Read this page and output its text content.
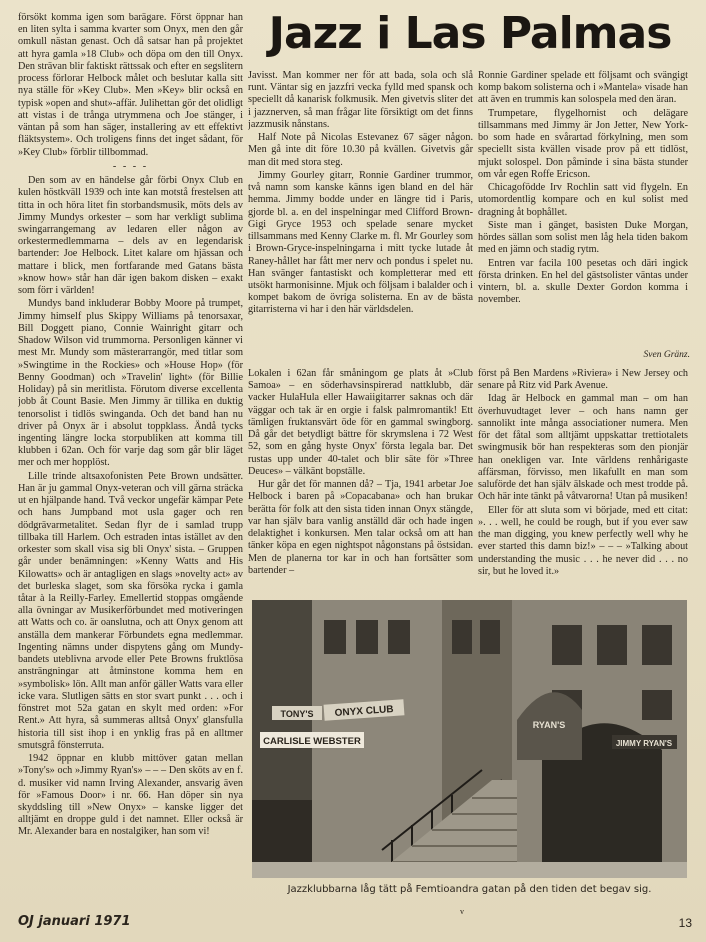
Jazz i Las Palmas

försökt komma igen som barägare. Först öppnar han en liten sylta i samma kvarter som Onyx, men den går omkull nästan genast. Och då satsar han på projektet att hyra gamla »18 Club» och döpa om den till Onyx. Den strävan blir faktiskt rättssak och efter en segslitern process förlorar Helbock målet och beslutar kalla sitt nya ställe för »Key Club». Men »Key» blir också en typisk »open and shut»-affär. Julihettan gör det olidligt att vistas i de trånga utrymmena och Joe stänger, i väntan på som han säger, installering av ett effektivt fläktsystem». Och troligens finns det inget sådant, för »Key Club» förblir tillbommad.

- - - -

Den som av en händelse går förbi Onyx Club en kulen höstkväll 1939 och inte kan motstå frestelsen att titta in och höra litet fin storbandsmusik, möts dels av Jimmy Mundys orkester – som har verkligt sublima swingarrangemang av ledaren eller någon av orkestermedlemmarna – dels av en legendarisk bartender: Joe Helbock. Litet kalare om hjässan och mattare i blick, men fortfarande med Gatans bästa »know how» står han där igen bakom disken – exakt som förr i världen!

Mundys band inkluderar Bobby Moore på trumpet, Jimmy himself plus Skippy Williams på tenorsaxar, Bill Doggett piano, Connie Wainright gitarr och Shadow Wilson vid trummorna. Personligen känner vi mest Mr. Mundy som mästerarrangör, med titlar som »Swingtime in the Rockies» och »House Hop» (för Benny Goodman) och »Travelin' light» (för Billie Holiday) på sin meritlista. Förutom diverse excellenta jobb åt Count Basie. Men Jimmy är tillika en duktig tenorsolist i tidlös swinganda. Och det band han nu driver på Onyx är i absolut toppklass. Ändå tycks ingenting längre locka storpubliken att komma till klubben i 62an. Och för varje dag som går blir läget mer och mer hopplöst.

Lille trinde altsaxofonisten Pete Brown undsätter. Han är ju gammal Onyx-veteran och vill gärna sträcka ut en hjälpande hand. Två veckor ungefär kämpar Pete och hans Jumpband mot usla gager och ren dödgrävarmetalitet. Sedan flyr de i samlad trupp tillbaka till Harlem. Och estraden intas istället av den orkester som skall visa sig bli Onyx' sista. – Gruppen går under benämningen: »Kenny Watts and His Kilowatts» och är antagligen en slags »novelty act» av det burleska slaget, som ska försöka rycka i gamla tåtar à la Reilly-Farley. Emellertid stoppas omgående alla övningar av Musikerförbundet med motiveringen att Watts och co. är oanslutna, och att Onyx genom att anställa dem mankerar Förbundets egna medlemmar. Ingenting nämns under dispytens gång om Mundy-bandets uteblivna arvode eller Pete Browns fruktlösa ansträngningar att åtminstone komma hem en »symbolisk» lön. Allt man anför gäller Watts vara eller icke vara. Slutligen sätts en stor svart punkt . . . och i fönstret mot 52a gatan en skylt med orden: »For Rent.» Att hyra, så summeras alltså Onyx' glansfulla historia till sist ihop i en ynklig fras på en alltmer smutsgrå fönsterruta.

1942 öppnar en klubb mittöver gatan mellan »Tony's» och »Jimmy Ryan's» – – – Den sköts av en f. d. musiker vid namn Irving Alexander, ansvarig även för »Famous Door» i nr. 66. Han döper sin nya skyddsling till »New Onyx» – kanske ligger det alltjämt en droppe guld i det namnet. Eller också är Mr. Alexander bara en nostalgiker, han som vi!

Javisst. Man kommer ner för att bada, sola och slå runt. Väntar sig en jazzfri vecka fylld med spansk och speciellt då kanarisk folkmusik. Men givetvis sliter det i jazznerven, så man frågar lite försiktigt om det finns jazzmusik nånstans.

Half Note på Nicolas Estevanez 67 säger någon. Men gå inte dit före 10.30 på kvällen. Givetvis går man dit med stora steg.

Jimmy Gourley gitarr, Ronnie Gardiner trummor, två namn som kanske känns igen bland en del här hemma. Jimmy bodde under en längre tid i Paris, gjorde bl. a. en del inspelningar med Clifford Brown-Gigi Gryce 1953 och spelade senare mycket tillsammans med Kenny Clarke m. fl. Mr Gourley som i Brown-Gryce-inspelningarna i mitt tycke lutade åt Raney-hållet har fått mer nerv och pondus i spelet nu. Han svänger fantastiskt och kompletterar med ett utsökt harmonisinne. Mjuk och följsam i balalder och i kompet bakom de övriga solisterna. En av de bästa gitarristerna vi har i den här världsdelen.

Ronnie Gardiner spelade ett följsamt och svängigt komp bakom solisterna och i »Mantela» visade han att även en trummis kan solospela med den äran.

Trumpetare, flygelhornist och delägare tillsammans med Jimmy är Jon Jetter, New York-bo som hade en svårartad förkylning, men som speciellt sista kvällen visade prov på ett tidlöst, mjukt solospel. Don påminde i sina bästa stunder om vår egen Roffe Ericson.

Chicagofödde Irv Rochlin satt vid flygeln. En utomordentlig kompare och en kul solist med dragning åt bophållet.

Siste man i gänget, basisten Duke Morgan, hördes sällan som solist men låg hela tiden bakom med en jämn och stadig rytm.

Entren var facila 100 pesetas och däri ingick första drinken. En hel del gästsolister väntas under vintern, bl. a. skulle Dexter Gordon komma i november.

Sven Gränz.

Lokalen i 62an får småningom ge plats åt »Club Samoa» – en söderhavsinspirerad nattklubb, där vacker HulaHula eller Hawaiigitarrer saknas och där väggar och tak är en orgie i falsk palmromantik! Ett tämligen fruktansvärt öde för en gammal swingborg. Då går det betydligt bättre för skrymslena i 72 West 52, som en gång hyste Onyx' första legala bar. Det rustas upp under 40-talet och blir säte för »Three Deuces» – välkänt bopställe.

Hur går det för mannen då? – Tja, 1941 arbetar Joe Helbock i baren på »Copacabana» och han brukar berätta för folk att den sista tiden innan Onyx stängde, var han själv bara vanlig anställd där och hade ingen delaktighet i konkursen. Men talar också om att han tänker köpa en egen nightspot någonstans på östsidan. Men de planerna tor kar in och han fortsätter som bartender –

först på Ben Mardens »Riviera» i New Jersey och senare på Ritz vid Park Avenue.

Idag är Helbock en gammal man – om han överhuvudtaget lever – och hans namn ger sannolikt inte många associationer numera. Men för det fåtal som alltjämt uppskattar trettiotalets swingmusik bör han respekteras som den pionjär han onekligen var. Inte världens renhårigaste affärsman, förvisso, men likafullt en man som saluförde det han själv älskade och mest trodde på. Och här inte tänkt på våtvarorna! Utan på musiken!

Eller för att sluta som vi började, med ett citat: ». . . well, he could be rough, but if you ever saw the man digging, you knew perfectly well why he ever started this damn biz!» – – – »Talking about understanding the music . . . he never did . . . no sir, but he loved it.»

TONY'S ONYX CLUB
CARLISLE WEBSTER
RYAN'S
JIMMY RYAN'S
Jazzklubbarna låg tätt på Femtioandra gatan på den tiden det begav sig.
OJ januari 1971
v
13
